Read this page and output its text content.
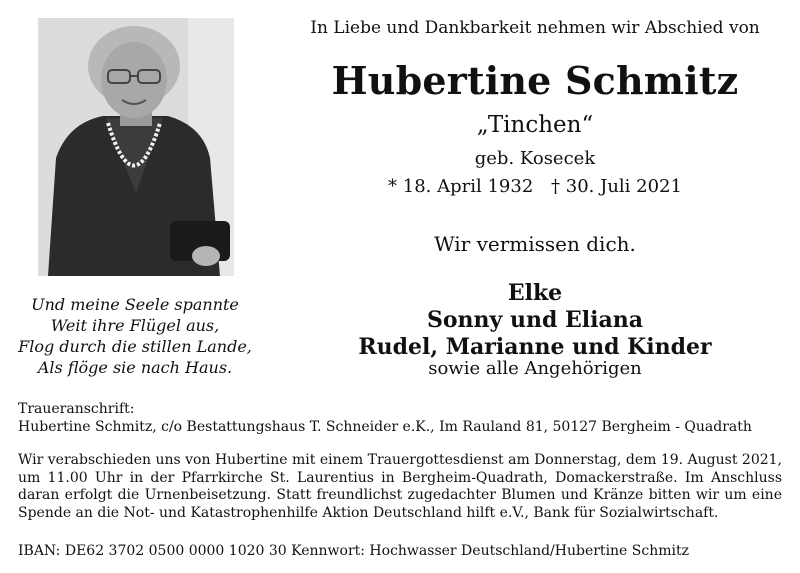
In Liebe und Dankbarkeit nehmen wir Abschied von
Hubertine Schmitz
„Tinchen“
geb. Kosecek
* 18. April 1932 † 30. Juli 2021
Wir vermissen dich.
Elke
Sonny und Eliana
Rudel, Marianne und Kinder
sowie alle Angehörigen
Und meine Seele spannte
Weit ihre Flügel aus,
Flog durch die stillen Lande,
Als flöge sie nach Haus.
Traueranschrift:
Hubertine Schmitz, c/o Bestattungshaus T. Schneider e.K., Im Rauland 81, 50127 Bergheim - Quadrath
Wir verabschieden uns von Hubertine mit einem Trauergottesdienst am Donnerstag, dem 19. August 2021, um 11.00 Uhr in der Pfarrkirche St. Laurentius in Bergheim-Quadrath, Domackerstraße. Im Anschluss daran erfolgt die Urnenbeisetzung. Statt freundlichst zugedachter Blumen und Kränze bitten wir um eine Spende an die Not- und Katastrophenhilfe Aktion Deutschland hilft e.V., Bank für Sozialwirtschaft.
IBAN: DE62 3702 0500 0000 1020 30 Kennwort: Hochwasser Deutschland/Hubertine Schmitz
